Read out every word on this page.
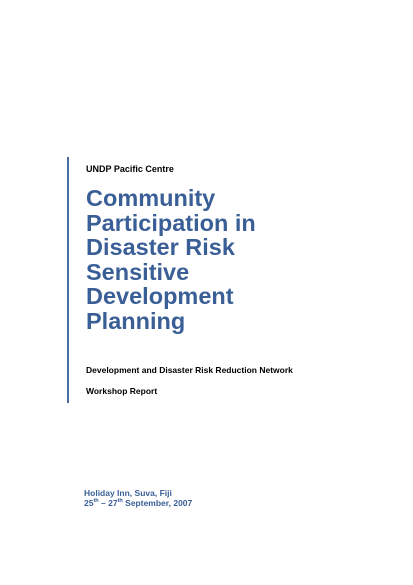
UNDP Pacific Centre
Community
Participation in
Disaster Risk
Sensitive
Development
Planning
Development and Disaster Risk Reduction Network
Workshop Report
Holiday Inn, Suva, Fiji
25th – 27th September, 2007
